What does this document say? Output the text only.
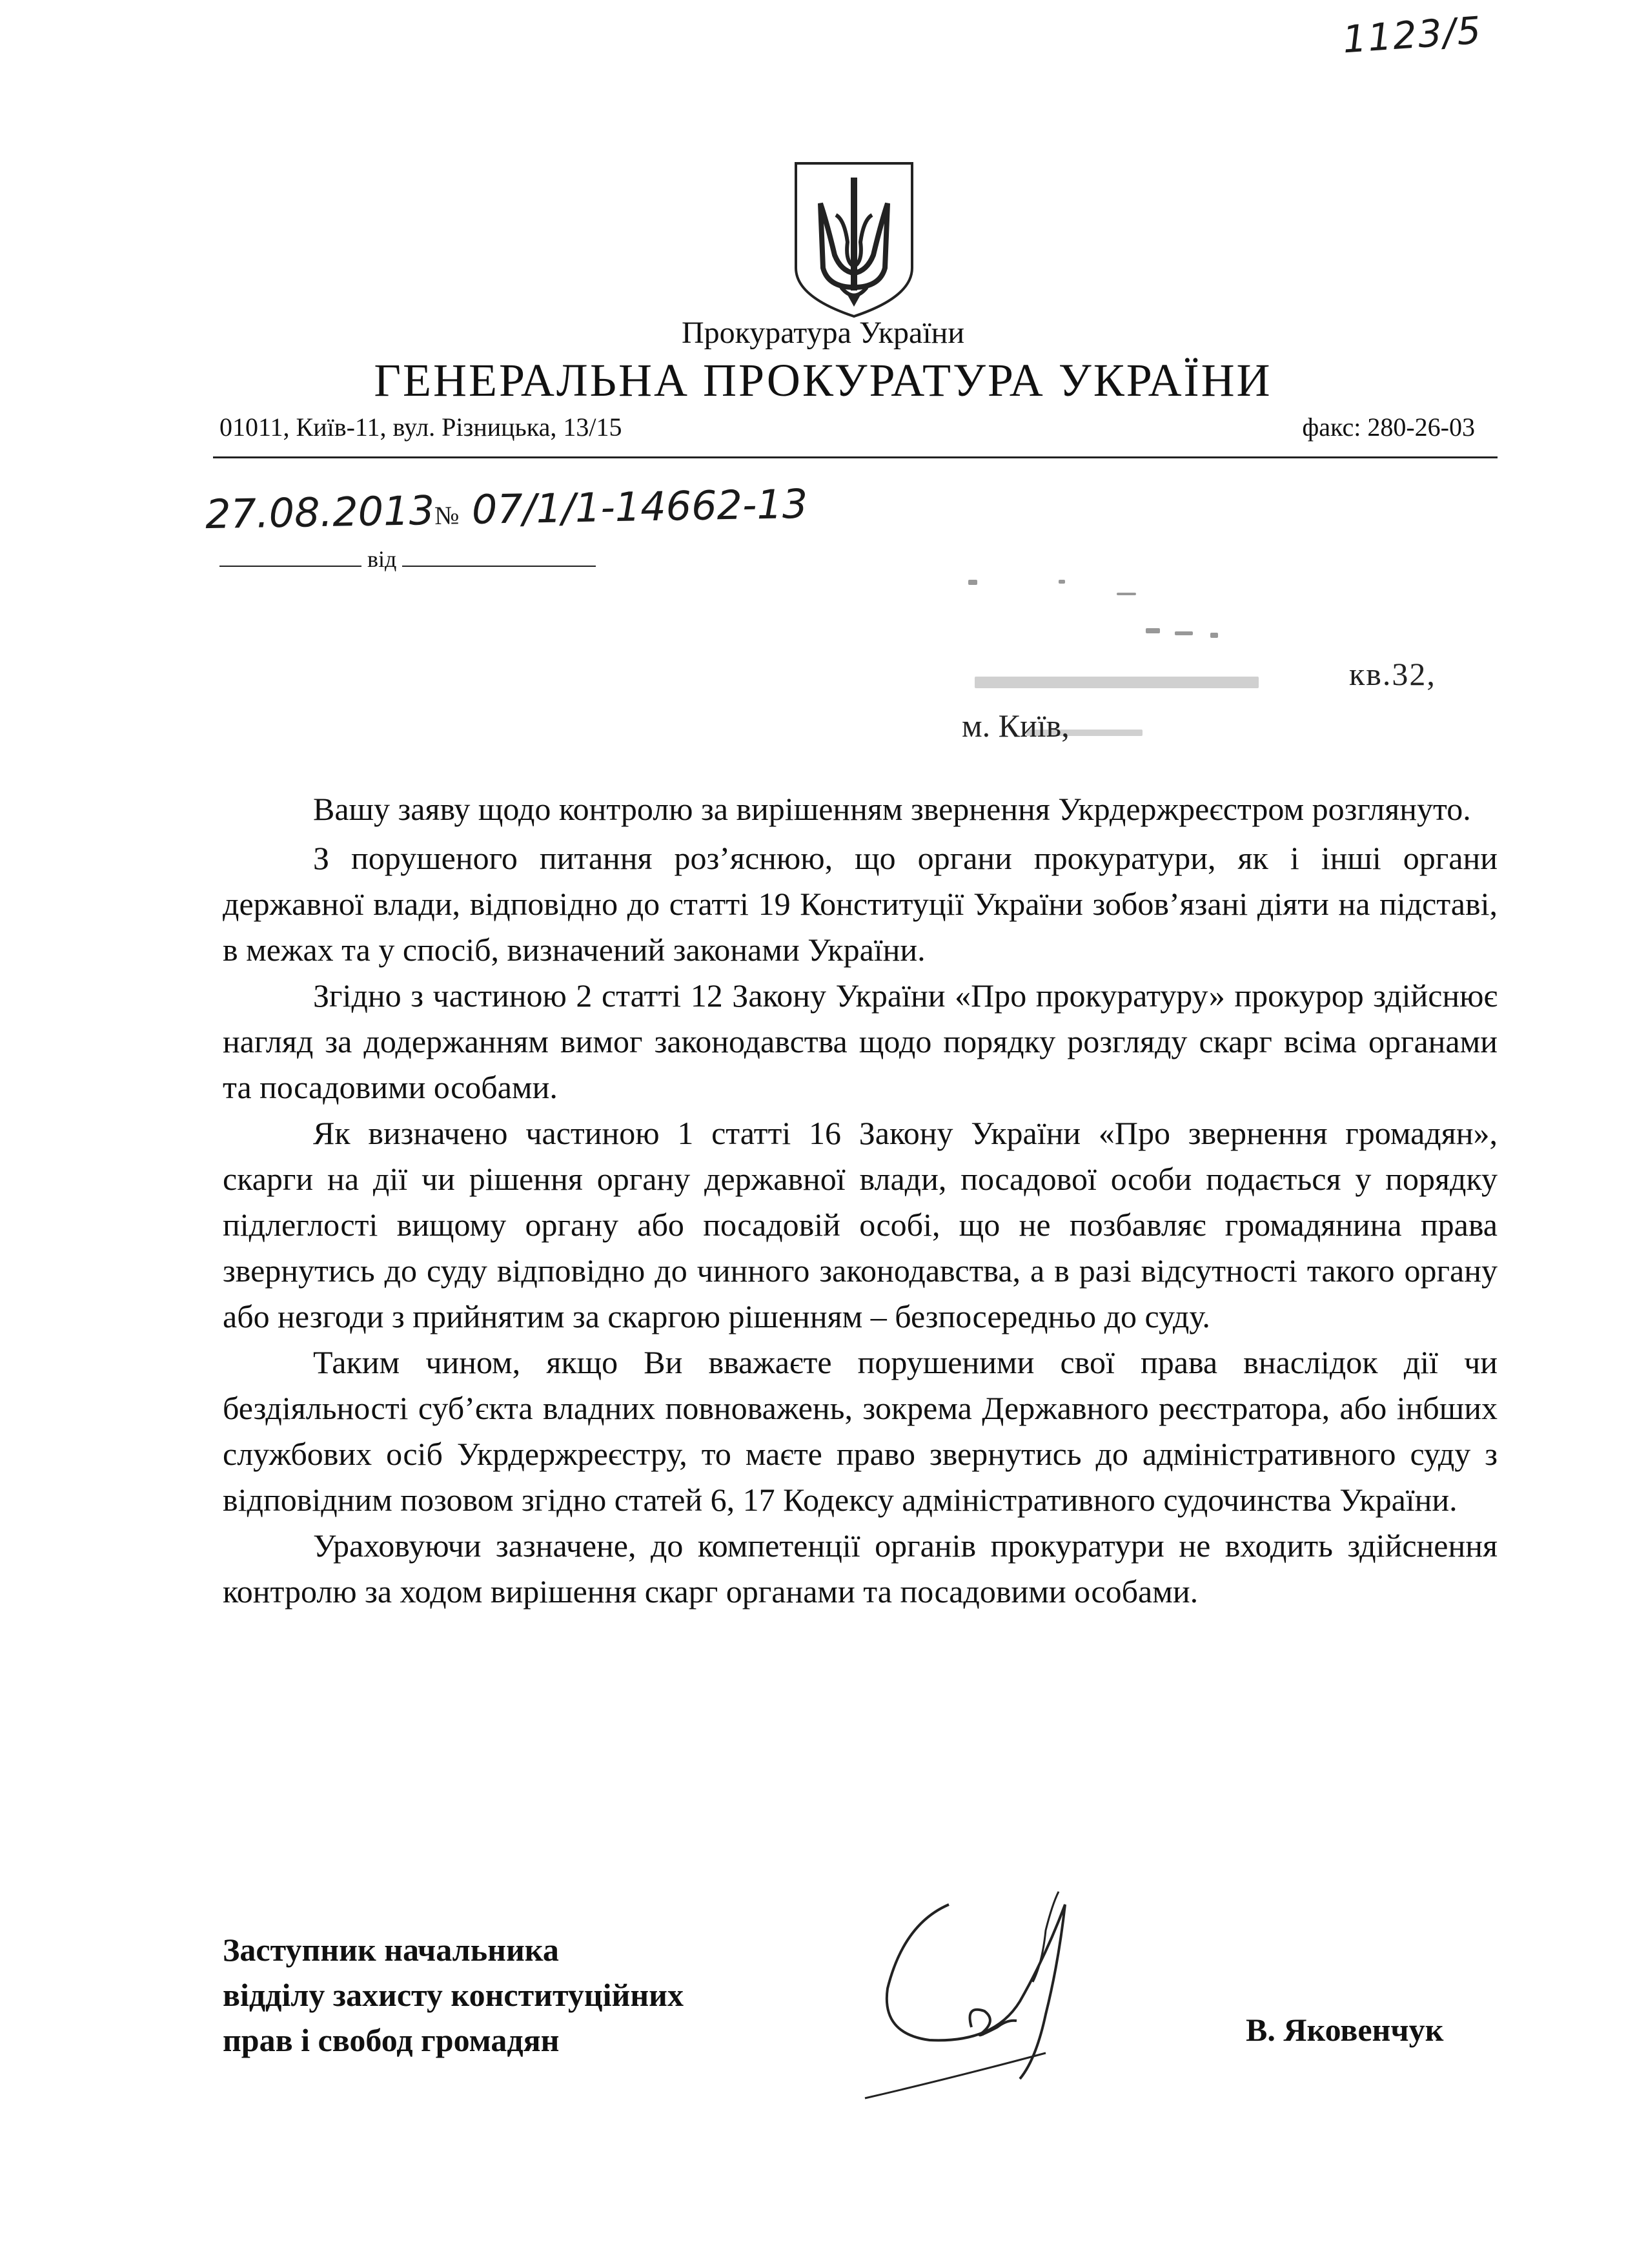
1123/5
Прокуратура України
ГЕНЕРАЛЬНА ПРОКУРАТУРА УКРАЇНИ
01011, Київ-11, вул. Різницька, 13/15	факс: 280-26-03
27.08.2013№ 07/1/1-14662-13
від
кв.32,
м. Київ,

Вашу заяву щодо контролю за вирішенням звернення Укрдержреєстром розглянуто.

З порушеного питання роз’яснюю, що органи прокуратури, як і інші органи державної влади, відповідно до статті 19 Конституції України зобов’язані діяти на підставі, в межах та у спосіб, визначений законами України.

Згідно з частиною 2 статті 12 Закону України «Про прокуратуру» прокурор здійснює нагляд за додержанням вимог законодавства щодо порядку розгляду скарг всіма органами та посадовими особами.

Як визначено частиною 1 статті 16 Закону України «Про звернення громадян», скарги на дії чи рішення органу державної влади, посадової особи подається у порядку підлеглості вищому органу або посадовій особі, що не позбавляє громадянина права звернутись до суду відповідно до чинного законодавства, а в разі відсутності такого органу або незгоди з прийнятим за скаргою рішенням – безпосередньо до суду.

Таким чином, якщо Ви вважаєте порушеними свої права внаслідок дії чи бездіяльності суб’єкта владних повноважень, зокрема Державного реєстратора, або інбших службових осіб Укрдержреєстру, то маєте право звернутись до адміністративного суду з відповідним позовом згідно статей 6, 17 Кодексу адміністративного судочинства України.

Ураховуючи зазначене, до компетенції органів прокуратури не входить здійснення контролю за ходом вирішення скарг органами та посадовими особами.

Заступник начальника
відділу захисту конституційних
прав і свобод громадян	В. Яковенчук
